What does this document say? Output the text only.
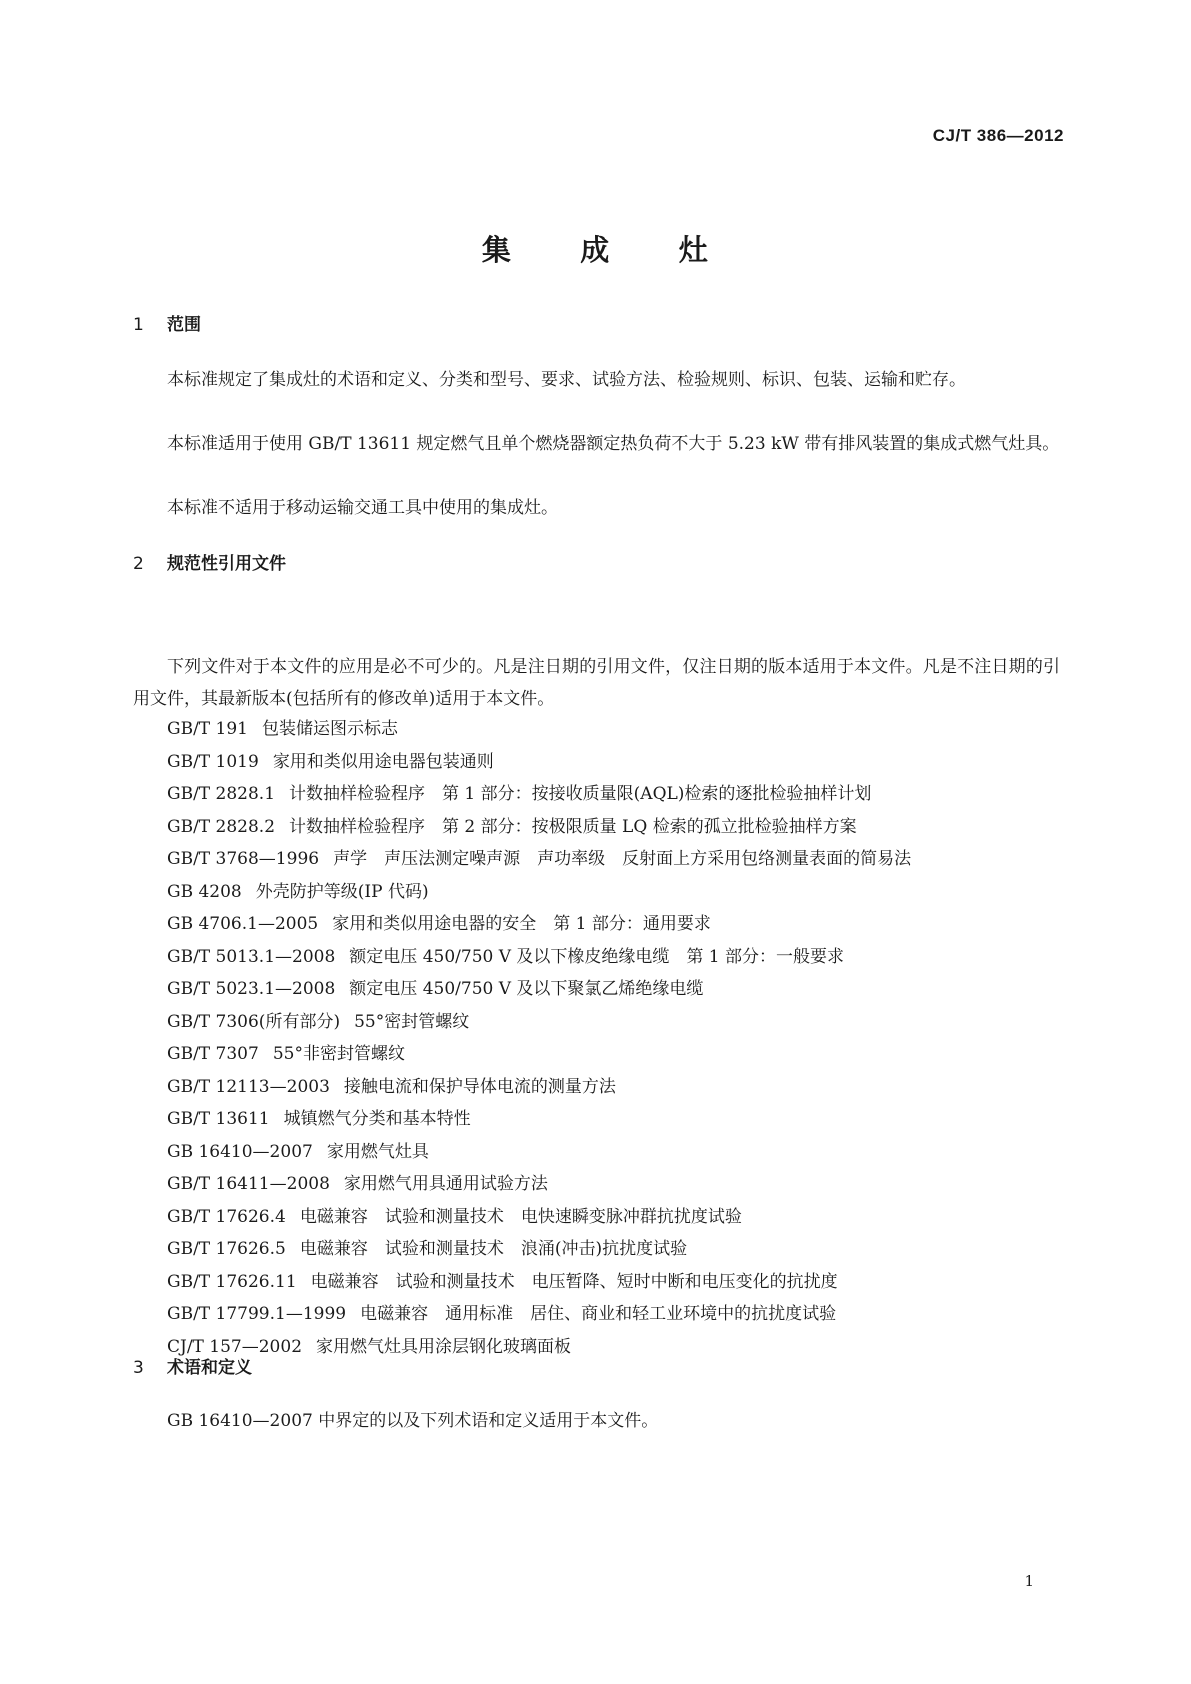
CJ/T 386—2012
集 成 灶
1 范围

本标准规定了集成灶的术语和定义、分类和型号、要求、试验方法、检验规则、标识、包装、运输和贮存。

本标准适用于使用 GB/T 13611 规定燃气且单个燃烧器额定热负荷不大于 5.23 kW 带有排风装置的集成式燃气灶具。

本标准不适用于移动运输交通工具中使用的集成灶。

2 规范性引用文件

下列文件对于本文件的应用是必不可少的。凡是注日期的引用文件，仅注日期的版本适用于本文件。凡是不注日期的引用文件，其最新版本(包括所有的修改单)适用于本文件。

GB/T 191 包装储运图示标志
GB/T 1019 家用和类似用途电器包装通则
GB/T 2828.1 计数抽样检验程序　第 1 部分：按接收质量限(AQL)检索的逐批检验抽样计划
GB/T 2828.2 计数抽样检验程序　第 2 部分：按极限质量 LQ 检索的孤立批检验抽样方案
GB/T 3768—1996 声学　声压法测定噪声源　声功率级　反射面上方采用包络测量表面的简易法
GB 4208 外壳防护等级(IP 代码)
GB 4706.1—2005 家用和类似用途电器的安全　第 1 部分：通用要求
GB/T 5013.1—2008 额定电压 450/750 V 及以下橡皮绝缘电缆　第 1 部分：一般要求
GB/T 5023.1—2008 额定电压 450/750 V 及以下聚氯乙烯绝缘电缆
GB/T 7306(所有部分) 55°密封管螺纹
GB/T 7307 55°非密封管螺纹
GB/T 12113—2003 接触电流和保护导体电流的测量方法
GB/T 13611 城镇燃气分类和基本特性
GB 16410—2007 家用燃气灶具
GB/T 16411—2008 家用燃气用具通用试验方法
GB/T 17626.4 电磁兼容　试验和测量技术　电快速瞬变脉冲群抗扰度试验
GB/T 17626.5 电磁兼容　试验和测量技术　浪涌(冲击)抗扰度试验
GB/T 17626.11 电磁兼容　试验和测量技术　电压暂降、短时中断和电压变化的抗扰度
GB/T 17799.1—1999 电磁兼容　通用标准　居住、商业和轻工业环境中的抗扰度试验
CJ/T 157—2002 家用燃气灶具用涂层钢化玻璃面板
3 术语和定义

GB 16410—2007 中界定的以及下列术语和定义适用于本文件。

1
